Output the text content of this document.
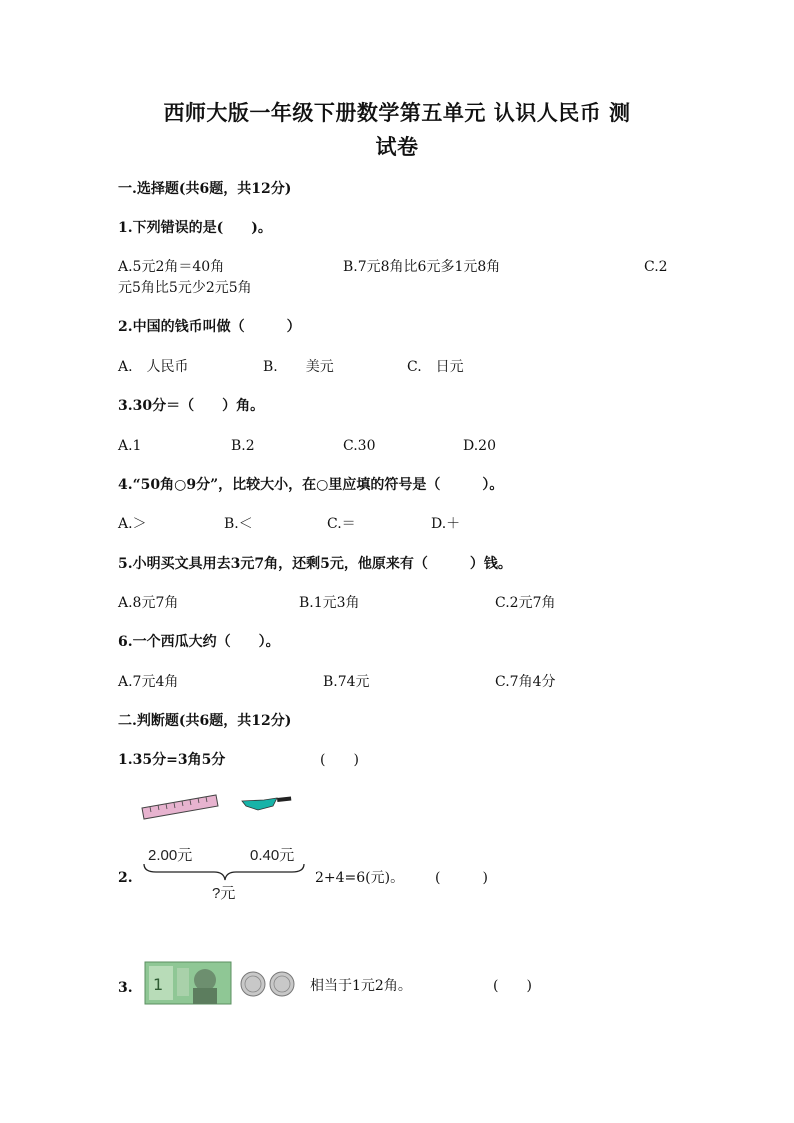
西师大版一年级下册数学第五单元 认识人民币 测
试卷
一.选择题(共6题，共12分)
1.下列错误的是(　　)。
A.5元2角＝40角	B.7元8角比6元多1元8角	C.2
元5角比5元少2元5角
2.中国的钱币叫做（　　　）
A.　人民币	B.　　美元	C.　日元
3.30分＝（　　）角。
A.1	B.2	C.30	D.20
4.“50角○9分”，比较大小，在○里应填的符号是（　　　）。
A.＞	B.＜	C.＝	D.＋
5.小明买文具用去3元7角，还剩5元，他原来有（　　　）钱。
A.8元7角	B.1元3角	C.2元7角
6.一个西瓜大约（　　）。
A.7元4角	B.74元	C.7角4分
二.判断题(共6题，共12分)
1.35分=3角5分	(　　)
2.
2.00元	0.40元
?元
2+4=6(元)。 (　　　)
3. 1	相当于1元2角。	(　　)
